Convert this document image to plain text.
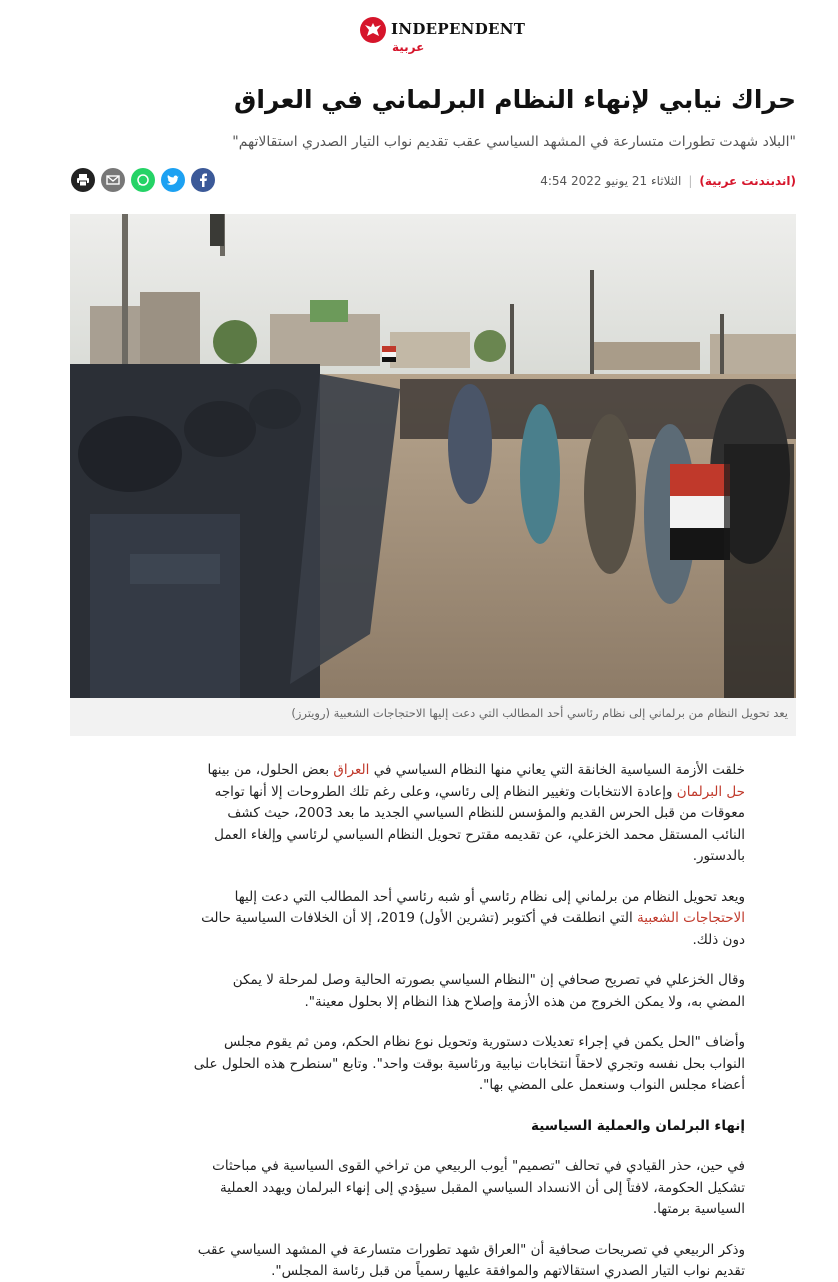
INDEPENDENT
عربية
حراك نيابي لإنهاء النظام البرلماني في العراق
"البلاد شهدت تطورات متسارعة في المشهد السياسي عقب تقديم نواب التيار الصدري استقالاتهم"
(اندبندنت عربية)
|
الثلاثاء 21 يونيو 2022 4:54
يعد تحويل النظام من برلماني إلى نظام رئاسي أحد المطالب التي دعت إليها الاحتجاجات الشعبية (رويترز)

خلقت الأزمة السياسية الخانقة التي يعاني منها النظام السياسي في العراق بعض الحلول، من بينها حل البرلمان وإعادة الانتخابات وتغيير النظام إلى رئاسي، وعلى رغم تلك الطروحات إلا أنها تواجه معوقات من قبل الحرس القديم والمؤسس للنظام السياسي الجديد ما بعد 2003، حيث كشف النائب المستقل محمد الخزعلي، عن تقديمه مقترح تحويل النظام السياسي لرئاسي وإلغاء العمل بالدستور.

ويعد تحويل النظام من برلماني إلى نظام رئاسي أو شبه رئاسي أحد المطالب التي دعت إليها الاحتجاجات الشعبية التي انطلقت في أكتوبر (تشرين الأول) 2019، إلا أن الخلافات السياسية حالت دون ذلك.

وقال الخزعلي في تصريح صحافي إن "النظام السياسي بصورته الحالية وصل لمرحلة لا يمكن المضي به، ولا يمكن الخروج من هذه الأزمة وإصلاح هذا النظام إلا بحلول معينة".

وأضاف "الحل يكمن في إجراء تعديلات دستورية وتحويل نوع نظام الحكم، ومن ثم يقوم مجلس النواب بحل نفسه وتجري لاحقاً انتخابات نيابية ورئاسية بوقت واحد". وتابع "سنطرح هذه الحلول على أعضاء مجلس النواب وسنعمل على المضي بها".

إنهاء البرلمان والعملية السياسية

في حين، حذر القيادي في تحالف "تصميم" أيوب الربيعي من تراخي القوى السياسية في مباحثات تشكيل الحكومة، لافتاً إلى أن الانسداد السياسي المقبل سيؤدي إلى إنهاء البرلمان ويهدد العملية السياسية برمتها.

وذكر الربيعي في تصريحات صحافية أن "العراق شهد تطورات متسارعة في المشهد السياسي عقب تقديم نواب التيار الصدري استقالاتهم والموافقة عليها رسمياً من قبل رئاسة المجلس".
